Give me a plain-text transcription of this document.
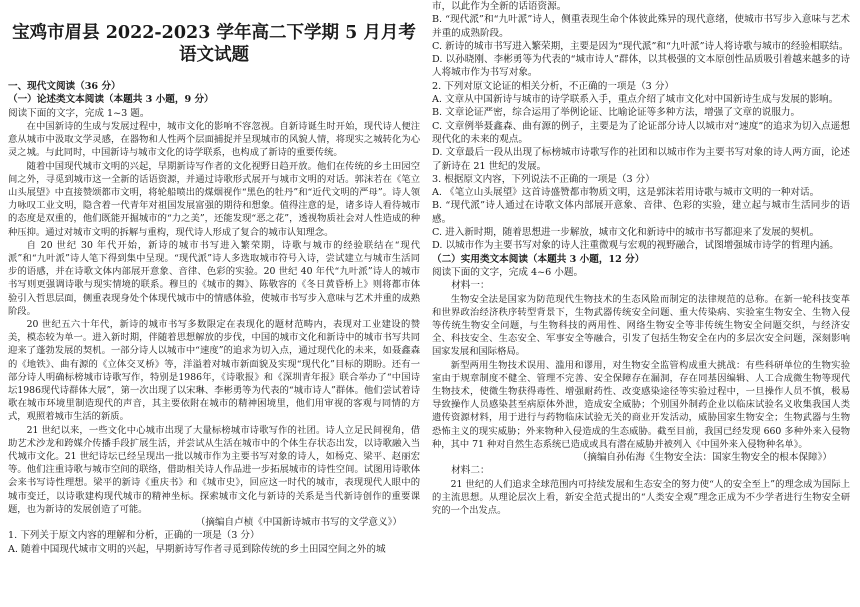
宝鸡市眉县 2022-2023 学年高二下学期 5 月月考
语文试题

一、现代文阅读（36 分）

（一）论述类文本阅读（本题共 3 小题，9 分）

阅读下面的文字，完成 1~3 题。

在中国新诗的生成与发展过程中，城市文化的影响不容忽视。自新诗诞生时开始，现代诗人便注意从城市中汲取文学灵感，在器物和人性两个层面捕捉并呈现城市的风貌人情，将现实之城转化为心灵之城。与此同时，中国新诗与城市文化的诗学联系，也构成了新诗的重要传统。

随着中国现代城市文明的兴起，早期新诗写作者的文化视野日趋开放。他们在传统的乡土田园空间之外，寻觅到城市这一全新的话语资源，并通过诗歌形式展开与城市文明的对话。郭沫若在《笔立山头展望》中直接赞颂都市文明，将轮船喷出的煤烟视作“黑色的牡丹”和“近代文明的严母”。诗人领力咏叹工业文明，隐含着一代青年对祖国发展富强的期待和想象。值得注意的是，诸多诗人看待城市的态度是双重的，他们既能开掘城市的“力之美”，还能发现“恶之花”，透视物质社会对人性造成的种种压抑。通过对城市文明的拆解与重构，现代诗人形成了复合的城市认知理念。

自 20 世纪 30 年代开始，新诗的城市书写进入繁荣期，诗歌与城市的经验联结在“现代派”和“九叶派”诗人笔下得到集中呈现。“现代派”诗人多选取城市符号入诗，尝试建立与城市生活同步的语感，并在诗歌文体内部展开意象、音律、色彩的实验。20 世纪 40 年代“九叶派”诗人的城市书写则更强调诗歌与现实情境的联系。穆旦的《城市的舞》、陈敬容的《冬日黄昏桥上》则将都市体验引入哲思层面，侧重表现身处个体现代城市中的情感体验，使城市书写步入意味与艺术并重的成熟阶段。

20 世纪五六十年代，新诗的城市书写多数限定在表现化的题材范畴内，表现对工业建设的赞美，模态较为单一。进入新时期，伴随着思想解放的步伐，中国的城市文化和新诗中的城市书写共同迎来了蓬勃发展的契机。一部分诗人以城市中“速度”的追求为切入点，通过现代化的未来，如聂鑫森的《地铁》、曲有源的《立体交叉桥》等，洋溢着对城市新面貌及实现“现代化”目标的期盼。还有一部分诗人明确标榜城市诗歌写作，特别是1986年，《诗歌报》和《深圳青年报》联合举办了“中国诗坛1986现代诗群体大展”，第一次出现了以宋琳、李彬勇等为代表的“城市诗人”群体。他们尝试着诗歌在城市环境里制造现代的声音，其主要依附在城市的精神困境里，他们用审视的客观与同情的方式，观照着城市生活的新质。

21 世纪以来，一些文化中心城市出现了大量标榜城市诗歌写作的社团。诗人立足民间视角，借助艺术沙龙和跨媒介传播手段扩展生活，并尝试从生活在城市中的个体生存状态出发，以诗歌融入当代城市文化。21 世纪诗坛已经呈现出一批以城市作为主要书写对象的诗人，如杨克、梁平、赵丽宏等。他们注重诗歌与城市空间的联络，借助相关诗人作品进一步拓展城市的诗性空间。试图用诗歌体会来书写诗性理想。梁平的新诗《重庆书》和《城市史》，回应这一时代的城市，表现现代人眼中的城市变迁，以诗歌建构现代城市的精神坐标。探索城市文化与新诗的关系是当代新诗创作的重要课题，也为新诗的发展创造了可能。

（摘编自卢桢《中国新诗城市书写的文学意义》）

1. 下列关于原文内容的理解和分析，正确的一项是（3 分）

A. 随着中国现代城市文明的兴起，早期新诗写作者寻觅到除传统的乡土田园空间之外的城

市，以此作为全新的话语资源。

B. “现代派”和“九叶派”诗人，侧重表现生命个体彼此殊异的现代意绪，使城市书写步入意味与艺术并重的成熟阶段。

C. 新诗的城市书写进入繁荣期，主要是因为“现代派”和“九叶派”诗人将诗歌与城市的经验相联结。

D. 以孙晓刚、李彬勇等为代表的“城市诗人”群体，以其极强的文本原创性品质吸引着越来越多的诗人将城市作为书写对象。

2. 下列对原文论证的相关分析，不正确的一项是（3 分）

A. 文章从中国新诗与城市的诗学联系入手，重点介绍了城市文化对中国新诗生成与发展的影响。

B. 文章论证严密，综合运用了举例论证、比喻论证等多种方法，增强了文章的说服力。

C. 文章例举聂鑫森、曲有源的例子，主要是为了论证部分诗人以城市对“速度”的追求为切入点遥想现代化的未来的观点。

D. 文章最后一段从出现了标榜城市诗歌写作的社团和以城市作为主要书写对象的诗人两方面，论述了新诗在 21 世纪的发展。

3. 根据原文内容，下列说法不正确的一项是（3 分）

A. 《笔立山头展望》这首诗盛赞都市物质文明，这是郭沫若用诗歌与城市文明的一种对话。

B. “现代派”诗人通过在诗歌文体内部展开意象、音律、色彩的实验，建立起与城市生活同步的语感。

C. 进入新时期，随着思想进一步解放，城市文化和新诗中的城市书写都迎来了发展的契机。

D. 以城市作为主要书写对象的诗人注重微观与宏观的视野融合，试图增强城市诗学的哲理内涵。

（二）实用类文本阅读（本题共 3 小题，12 分）

阅读下面的文字，完成 4~6 小题。

材料一：

生物安全法是国家为防范现代生物技术的生态风险而制定的法律规范的总称。在新一轮科技变革和世界政治经济秩序转型背景下，生物武器传统安全问题、重大传染病、实验室生物安全、生物入侵等传统生物安全问题，与生物科技的两用性、网络生物安全等非传统生物安全问题交织，与经济安全、科技安全、生态安全、军事安全等融合，引发了包括生物安全在内的多层次安全问题，深刻影响国家发展和国际格局。

新型两用生物技术误用、滥用和谬用，对生物安全监管构成重大挑战：有些科研单位的生物实验室由于规章制度不健全、管理不完善、安全保障存在漏洞，存在同基因编辑、人工合成微生物等现代生物技术，使微生物获得毒性、增强耐药性、改变感染途径等实验过程中，一旦操作人员不慎，极易导致操作人员感染甚至病原体外泄，造成安全威胁；个别国外制药企业以临床试验名义收集我国人类遗传资源材料，用于进行与药物临床试验无关的商业开发活动，威胁国家生物安全；生物武器与生物恐怖主义的现实威胁；外来物种入侵造成的生态威胁。截至目前，我国已经发现 660 多种外来入侵物种，其中 71 种对自然生态系统已造成或具有潜在威胁并被列入《中国外来入侵物种名单》。

（摘编自孙佑海《生物安全法：国家生物安全的根本保障》）

材料二：

21 世纪的人们追求全球范围内可持续发展和生态安全的努力使“人的安全至上”的理念成为国际上的主流思想。从理论层次上看，新安全范式提出的“人类安全观”理念正成为不少学者进行生物安全研究的一个出发点。
